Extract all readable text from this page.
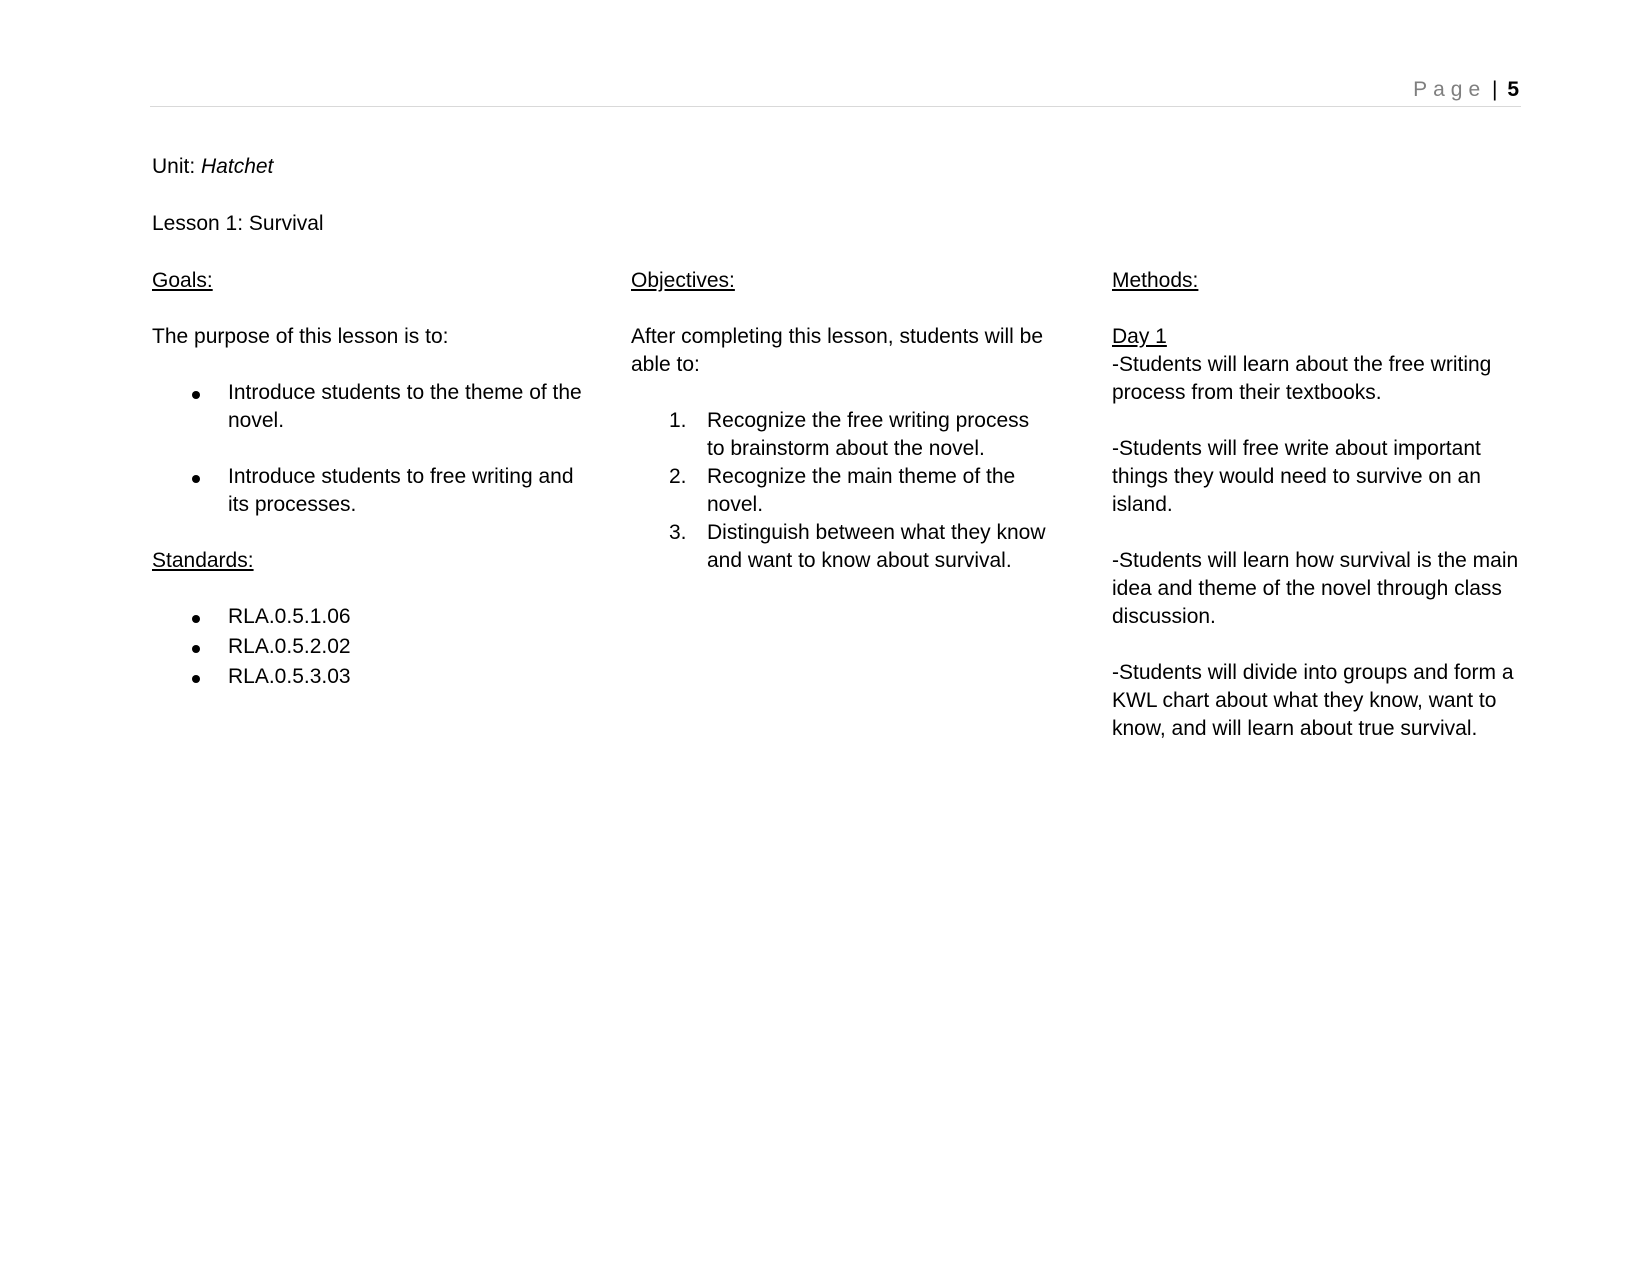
Page | 5
Unit: Hatchet
Lesson 1: Survival

Goals:

The purpose of this lesson is to:

Introduce students to the theme of the novel.
Introduce students to free writing and its processes.

Standards:

RLA.0.5.1.06
RLA.0.5.2.02
RLA.0.5.3.03

Objectives:

After completing this lesson, students will be able to:

1. Recognize the free writing process to brainstorm about the novel.
2. Recognize the main theme of the novel.
3. Distinguish between what they know and want to know about survival.

Methods:

Day 1

-Students will learn about the free writing process from their textbooks.

-Students will free write about important things they would need to survive on an island.

-Students will learn how survival is the main idea and theme of the novel through class discussion.

-Students will divide into groups and form a KWL chart about what they know, want to know, and will learn about true survival.
